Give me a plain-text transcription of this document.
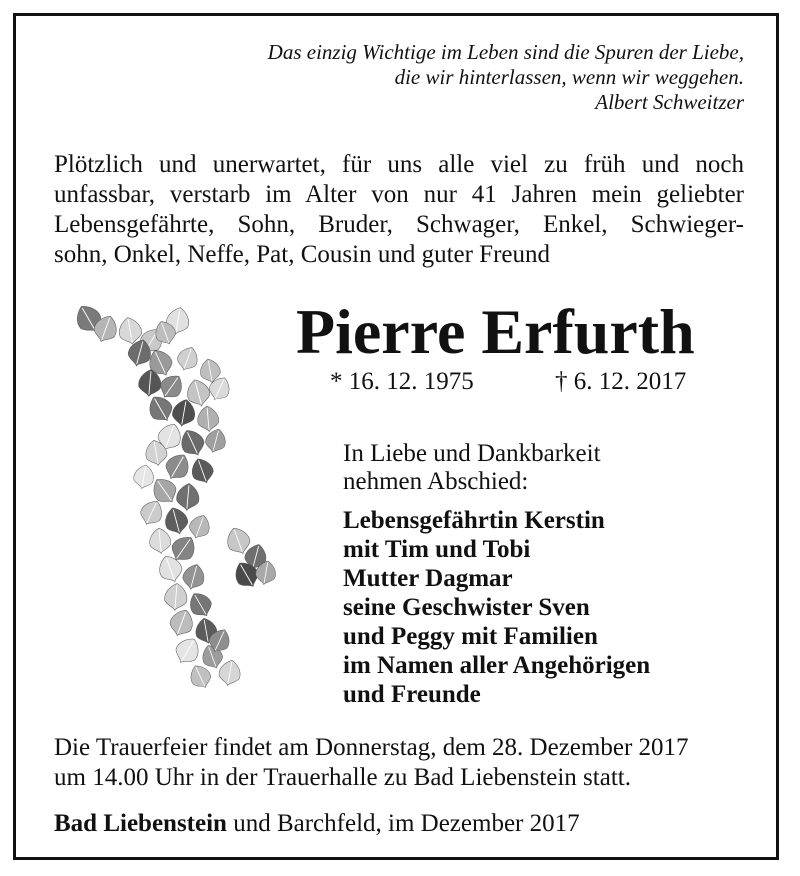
Das einzig Wichtige im Leben sind die Spuren der Liebe,
die wir hinterlassen, wenn wir weggehen.
Albert Schweitzer
Plötzlich und unerwartet, für uns alle viel zu früh und noch
unfassbar, verstarb im Alter von nur 41 Jahren mein geliebter
Lebensgefährte, Sohn, Bruder, Schwager, Enkel, Schwieger-
sohn, Onkel, Neffe, Pat, Cousin und guter Freund
Pierre Erfurth
* 16. 12. 1975	† 6. 12. 2017
In Liebe und Dankbarkeit
nehmen Abschied:
Lebensgefährtin Kerstin
mit Tim und Tobi
Mutter Dagmar
seine Geschwister Sven
und Peggy mit Familien
im Namen aller Angehörigen
und Freunde
Die Trauerfeier findet am Donnerstag, dem 28. Dezember 2017
um 14.00 Uhr in der Trauerhalle zu Bad Liebenstein statt.
Bad Liebenstein und Barchfeld, im Dezember 2017
